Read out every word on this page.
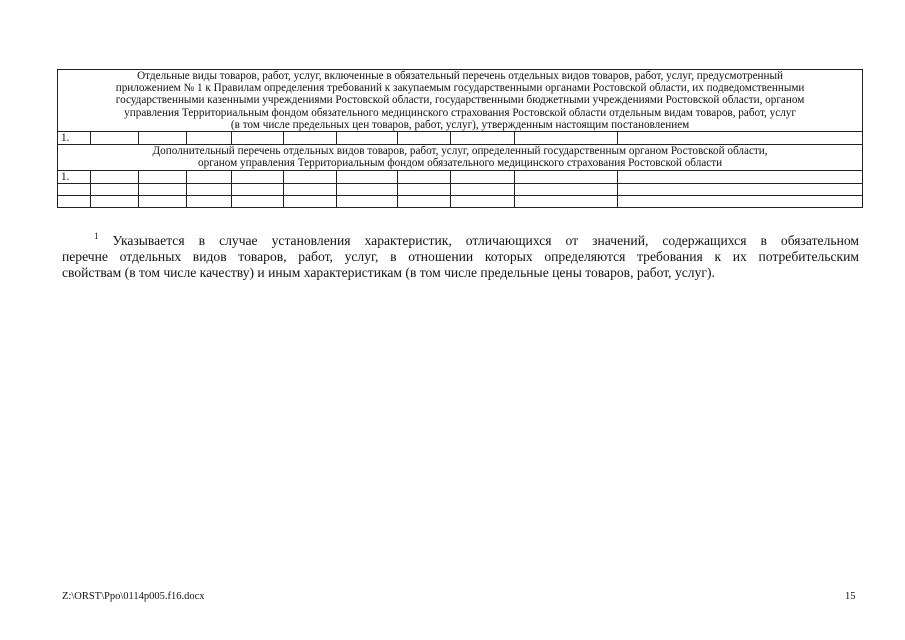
Отдельные виды товаров, работ, услуг, включенные в обязательный перечень отдельных видов товаров, работ, услуг, предусмотренный
приложением № 1 к Правилам определения требований к закупаемым государственными органами Ростовской области, их подведомственными
государственными казенными учреждениями Ростовской области, государственными бюджетными учреждениями Ростовской области, органом
управления Территориальным фондом обязательного медицинского страхования Ростовской области отдельным видам товаров, работ, услуг
(в том числе предельных цен товаров, работ, услуг), утвержденным настоящим постановлением										

1.										

Дополнительный перечень отдельных видов товаров, работ, услуг, определенный государственным органом Ростовской области,
органом управления Территориальным фондом обязательного медицинского страхования Ростовской области										

1.										

$^1$ Указывается в случае установления характеристик, отличающихся от значений, содержащихся в обязательном
перечне отдельных видов товаров, работ, услуг, в отношении которых определяются требования к их потребительским
свойствам (в том числе качеству) и иным характеристикам (в том числе предельные цены товаров, работ, услуг).
Z:\ORST\Ppo\0114p005.f16.docx	15
